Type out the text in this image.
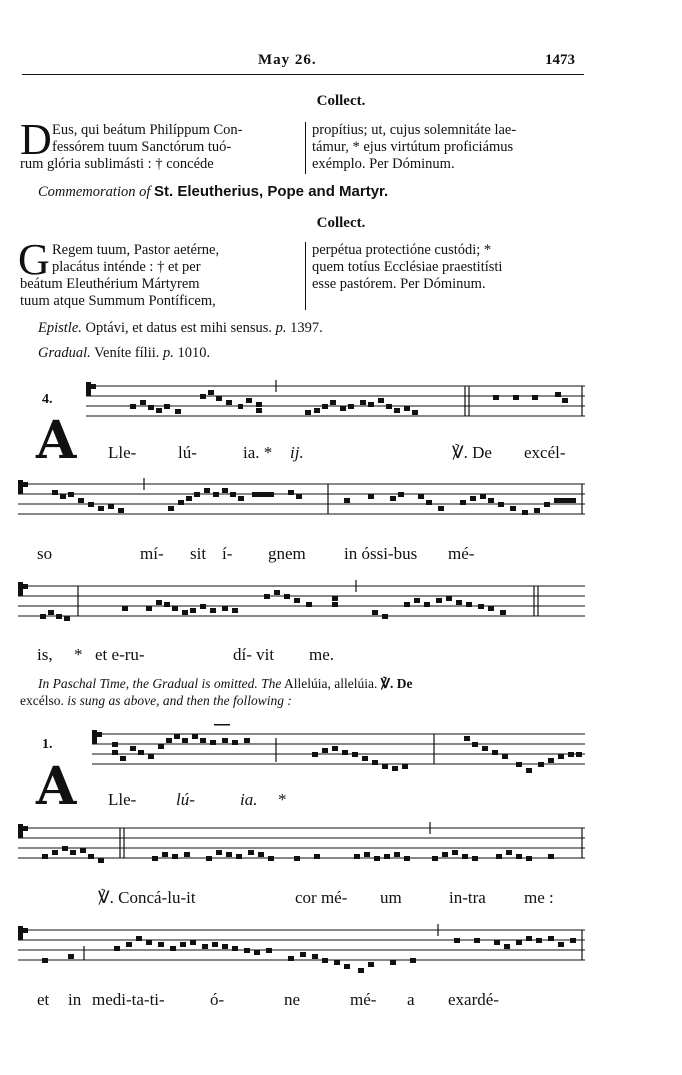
May 26.	1473
Collect.
D Eus, qui beátum Philíppum Con-
fessórem tuum Sanctórum tuó-
rum glória sublimásti : † concéde
propítius; ut, cujus solemnitáte lae-
támur, * ejus virtútum proficiámus
exémplo. Per Dóminum.
Commemoration of St. Eleutherius, Pope and Martyr.
Collect.
G Regem tuum, Pastor aetérne,
placátus inténde : † et per
beátum Eleuthérium Mártyrem
tuum atque Summum Pontíficem,
perpétua protectióne custódi; *
quem totíus Ecclésiae praestitísti
esse pastórem. Per Dóminum.
Epistle. Optávi, et datus est mihi sensus. p. 1397.
Gradual. Veníte fílii. p. 1010.
4.
A Lle- lú-	ia. * ij.	℣. De excél-
so	mí- sit í- gnem in óssi-bus mé-
is, * et e-ru-	dí- vit me.
In Paschal Time, the Gradual is omitted. The Allelúia, allelúia. ℣. De
excélso. is sung as above, and then the following :
1.
A Lle- lú-	ia. *
℣. Concá-lu-it	cor mé- um	in-tra me :
et in medi-ta-ti-	ó-	ne	mé- a exardé-
